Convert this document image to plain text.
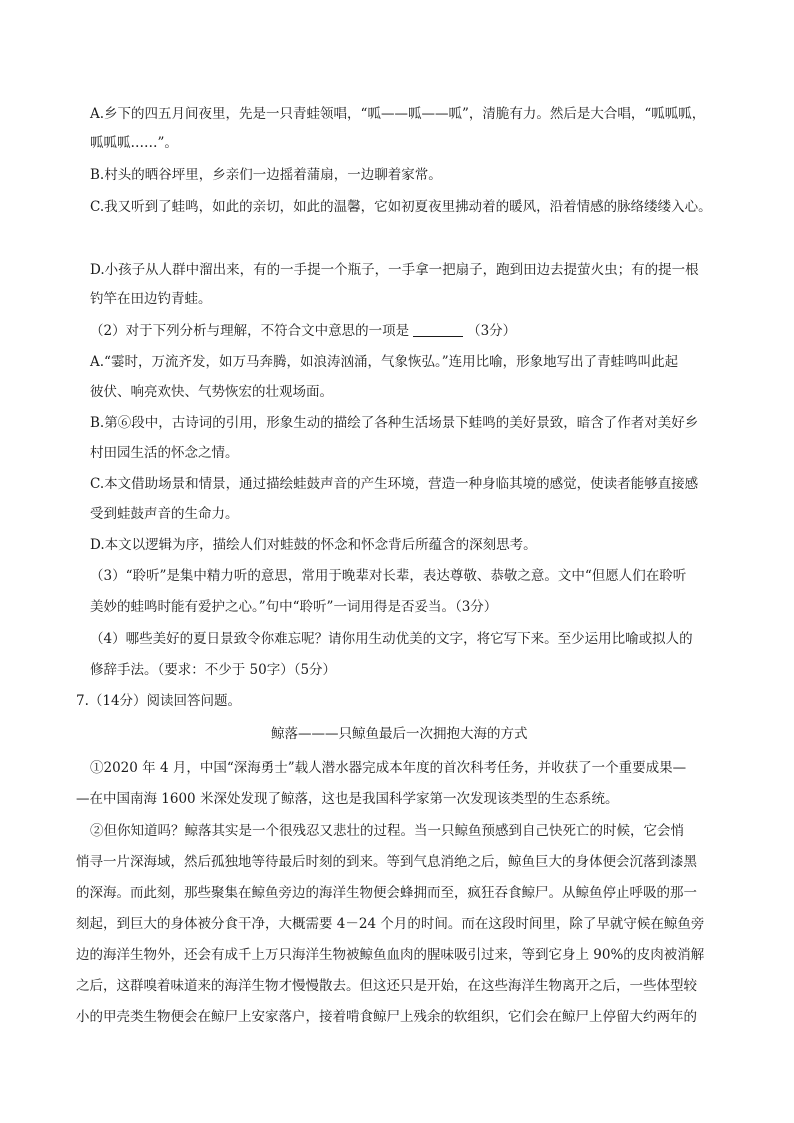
A.乡下的四五月间夜里，先是一只青蛙领唱，“呱——呱——呱”，清脆有力。然后是大合唱，“呱呱呱，
呱呱呱……”。
B.村头的晒谷坪里，乡亲们一边摇着蒲扇，一边聊着家常。
C.我又听到了蛙鸣，如此的亲切，如此的温馨，它如初夏夜里拂动着的暖风，沿着情感的脉络缕缕入心。
D.小孩子从人群中溜出来，有的一手提一个瓶子，一手拿一把扇子，跑到田边去提萤火虫；有的提一根
钓竿在田边钓青蛙。
（2）对于下列分析与理解，不符合文中意思的一项是	（3分）
A.“霎时，万流齐发，如万马奔腾，如浪涛汹涌，气象恢弘。”连用比喻，形象地写出了青蛙鸣叫此起
彼伏、响亮欢快、气势恢宏的壮观场面。
B.第⑥段中，古诗词的引用，形象生动的描绘了各种生活场景下蛙鸣的美好景致，暗含了作者对美好乡
村田园生活的怀念之情。
C.本文借助场景和情景，通过描绘蛙鼓声音的产生环境，营造一种身临其境的感觉，使读者能够直接感
受到蛙鼓声音的生命力。
D.本文以逻辑为序，描绘人们对蛙鼓的怀念和怀念背后所蕴含的深刻思考。
（3）“聆听”是集中精力听的意思，常用于晚辈对长辈，表达尊敬、恭敬之意。文中“但愿人们在聆听
美妙的蛙鸣时能有爱护之心。”句中“聆听”一词用得是否妥当。（3分）
（4）哪些美好的夏日景致令你难忘呢？请你用生动优美的文字，将它写下来。至少运用比喻或拟人的
修辞手法。（要求：不少于 50字）（5分）
7.（14分）阅读回答问题。
鲸落———只鲸鱼最后一次拥抱大海的方式
①2020 年 4 月，中国“深海勇士”载人潜水器完成本年度的首次科考任务，并收获了一个重要成果—
—在中国南海 1600 米深处发现了鲸落，这也是我国科学家第一次发现该类型的生态系统。
②但你知道吗？鲸落其实是一个很残忍又悲壮的过程。当一只鲸鱼预感到自己快死亡的时候，它会悄
悄寻一片深海域，然后孤独地等待最后时刻的到来。等到气息消绝之后，鲸鱼巨大的身体便会沉落到漆黑
的深海。而此刻，那些聚集在鲸鱼旁边的海洋生物便会蜂拥而至，疯狂吞食鲸尸。从鲸鱼停止呼吸的那一
刻起，到巨大的身体被分食干净，大概需要 4－24 个月的时间。而在这段时间里，除了早就守候在鲸鱼旁
边的海洋生物外，还会有成千上万只海洋生物被鲸鱼血肉的腥味吸引过来，等到它身上 90%的皮肉被消解
之后，这群嗅着味道来的海洋生物才慢慢散去。但这还只是开始，在这些海洋生物离开之后，一些体型较
小的甲壳类生物便会在鲸尸上安家落户，接着啃食鲸尸上残余的软组织，它们会在鲸尸上停留大约两年的
